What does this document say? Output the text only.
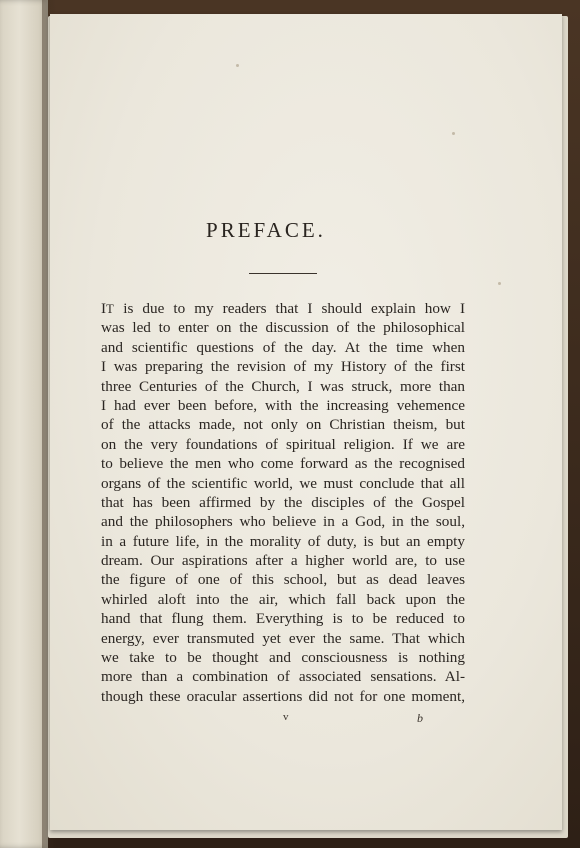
PREFACE.
IT is due to my readers that I should explain how I
was led to enter on the discussion of the philosophical
and scientific questions of the day. At the time when
I was preparing the revision of my History of the first
three Centuries of the Church, I was struck, more than
I had ever been before, with the increasing vehemence
of the attacks made, not only on Christian theism, but
on the very foundations of spiritual religion. If we are
to believe the men who come forward as the recognised
organs of the scientific world, we must conclude that all
that has been affirmed by the disciples of the Gospel
and the philosophers who believe in a God, in the soul,
in a future life, in the morality of duty, is but an empty
dream. Our aspirations after a higher world are, to use
the figure of one of this school, but as dead leaves
whirled aloft into the air, which fall back upon the
hand that flung them. Everything is to be reduced to
energy, ever transmuted yet ever the same. That which
we take to be thought and consciousness is nothing
more than a combination of associated sensations. Al-
though these oracular assertions did not for one moment,
v	b
